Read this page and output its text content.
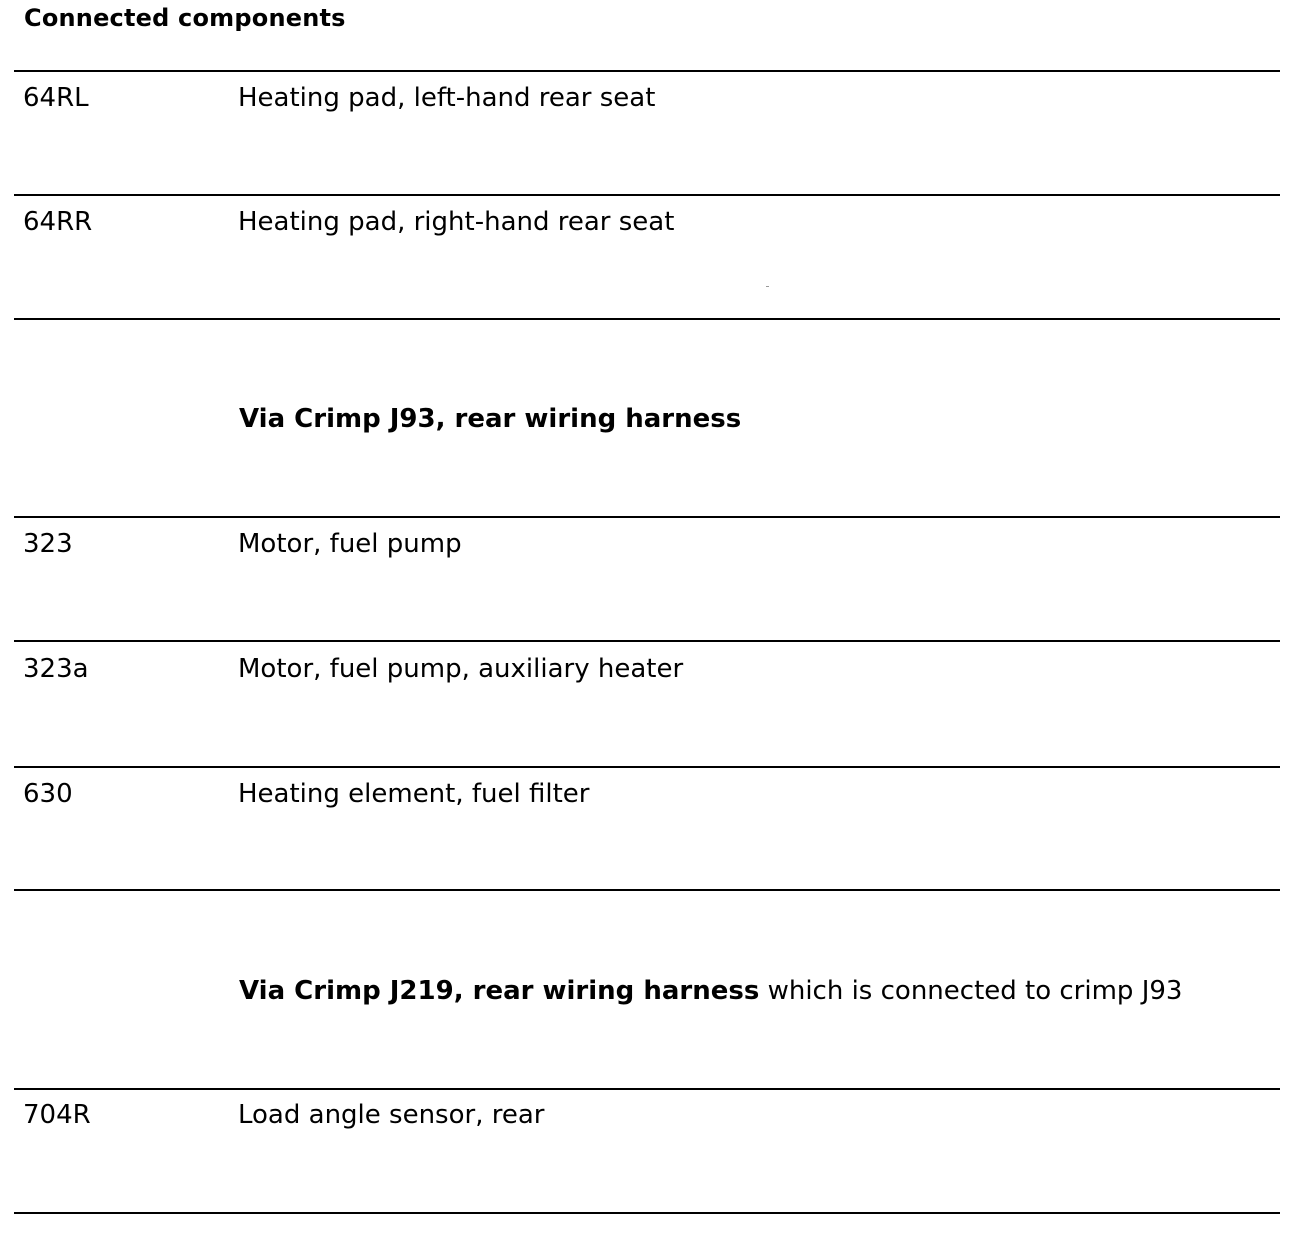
Connected components
64RL	Heating pad, left-hand rear seat
64RR	Heating pad, right-hand rear seat
Via Crimp J93, rear wiring harness
323	Motor, fuel pump
323a	Motor, fuel pump, auxiliary heater
630	Heating element, fuel filter
Via Crimp J219, rear wiring harness which is connected to crimp J93
704R	Load angle sensor, rear
